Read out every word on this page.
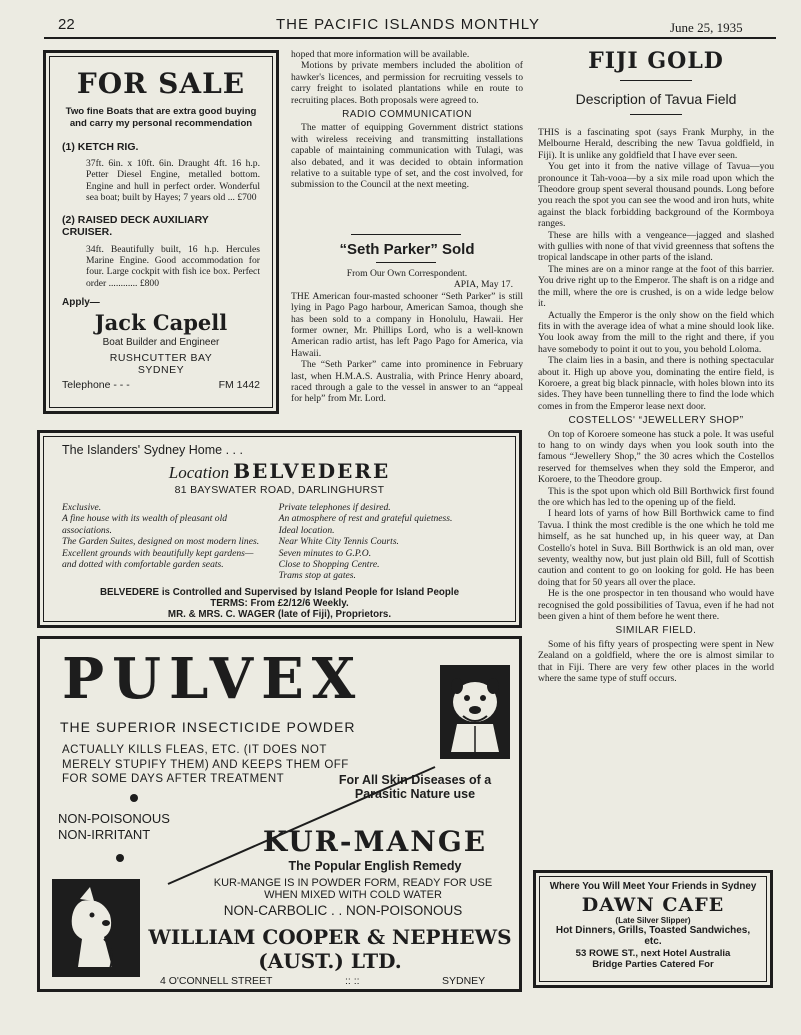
22	THE PACIFIC ISLANDS MONTHLY	June 25, 1935
FOR SALE
Two fine Boats that are extra good buying and carry my personal recommendation
(1) KETCH RIG.
37ft. 6in. x 10ft. 6in. Draught 4ft. 16 h.p. Petter Diesel Engine, metalled bottom. Engine and hull in perfect order. Wonderful sea boat; built by Hayes; 7 years old ... £700
(2) RAISED DECK AUXILIARY CRUISER.
34ft. Beautifully built, 16 h.p. Hercules Marine Engine. Good accommodation for four. Large cockpit with fish ice box. Perfect order ............ £800
Apply—
Jack Capell
Boat Builder and Engineer
RUSHCUTTER BAY
SYDNEY
Telephone - - -	FM 1442

hoped that more information will be available.

Motions by private members included the abolition of hawker's licences, and permission for recruiting vessels to carry freight to isolated plantations while en route to recruiting places. Both proposals were agreed to.

RADIO COMMUNICATION

The matter of equipping Government district stations with wireless receiving and transmitting installations capable of maintaining communication with Tulagi, was also debated, and it was decided to obtain information relative to a suitable type of set, and the cost involved, for submission to the Council at the next meeting.

“Seth Parker” Sold
From Our Own Correspondent.
APIA, May 17.

THE American four-masted schooner “Seth Parker” is still lying in Pago Pago harbour, American Samoa, though she has been sold to a company in Honolulu, Hawaii. Her former owner, Mr. Phillips Lord, who is a well-known American radio artist, has left Pago Pago for America, via Hawaii.

The “Seth Parker” came into prominence in February last, when H.M.A.S. Australia, with Prince Henry aboard, raced through a gale to the vessel in answer to an “appeal for help” from Mr. Lord.

FIJI GOLD
Description of Tavua Field

THIS is a fascinating spot (says Frank Murphy, in the Melbourne Herald, describing the new Tavua goldfield, in Fiji). It is unlike any goldfield that I have ever seen.

You get into it from the native village of Tavua—you pronounce it Tah-vooa—by a six mile road upon which the Theodore group spent several thousand pounds. Long before you reach the spot you can see the wood and iron huts, white against the black forbidding background of the Kormboya ranges.

These are hills with a vengeance—jagged and slashed with gullies with none of that vivid greenness that softens the tropical landscape in other parts of the island.

The mines are on a minor range at the foot of this barrier. You drive right up to the Emperor. The shaft is on a ridge and the mill, where the ore is crushed, is on a wide ledge below it.

Actually the Emperor is the only show on the field which fits in with the average idea of what a mine should look like. You look away from the mill to the right and there, if you have somebody to point it out to you, you behold Loloma.

The claim lies in a basin, and there is nothing spectacular about it. High up above you, dominating the entire field, is Koroere, a great big black pinnacle, with holes blown into its sides. They have been tunnelling there to find the lode which comes in from the Emperor lease next door.

COSTELLOS' “JEWELLERY SHOP”

On top of Koroere someone has stuck a pole. It was useful to hang to on windy days when you look south into the famous “Jewellery Shop,” the 30 acres which the Costellos reserved for themselves when they sold the Emperor, and Koroere, to the Theodore group.

This is the spot upon which old Bill Borthwick first found the ore which has led to the opening up of the field.

I heard lots of yarns of how Bill Borthwick came to find Tavua. I think the most credible is the one which he told me himself, as he sat hunched up, in his queer way, at Dan Costello's hotel in Suva. Bill Borthwick is an old man, over seventy, wealthy now, but just plain old Bill, full of Scottish caution and content to go on looking for gold. He has been doing that for 50 years all over the place.

He is the one prospector in ten thousand who would have recognised the gold possibilities of Tavua, even if he had not been given a hint of them before he went there.

SIMILAR FIELD.

Some of his fifty years of prospecting were spent in New Zealand on a goldfield, where the ore is almost similar to that in Fiji. There are very few other places in the world where the same type of stuff occurs.

The Islanders' Sydney Home . . .
Location BELVEDERE
81 BAYSWATER ROAD, DARLINGHURST
Exclusive.
A fine house with its wealth of pleasant old associations.
The Garden Suites, designed on most modern lines.
Excellent grounds with beautifully kept gardens—and dotted with comfortable garden seats.
Private telephones if desired.
An atmosphere of rest and grateful quietness.
Ideal location.
Near White City Tennis Courts.
Seven minutes to G.P.O.
Close to Shopping Centre.
Trams stop at gates.
BELVEDERE is Controlled and Supervised by Island People for Island People
TERMS: From £2/12/6 Weekly.
MR. & MRS. C. WAGER (late of Fiji), Proprietors.
PULVEX
THE SUPERIOR INSECTICIDE POWDER
ACTUALLY KILLS FLEAS, ETC. (IT DOES NOT MERELY STUPIFY THEM) AND KEEPS THEM OFF FOR SOME DAYS AFTER TREATMENT
NON-POISONOUS
NON-IRRITANT
For All Skin Diseases of a Parasitic Nature use
KUR-MANGE
The Popular English Remedy
KUR-MANGE IS IN POWDER FORM, READY FOR USE WHEN MIXED WITH COLD WATER
NON-CARBOLIC . . NON-POISONOUS
WILLIAM COOPER & NEPHEWS
(AUST.) LTD.
4 O'CONNELL STREET	:: ::	SYDNEY
Where You Will Meet Your Friends in Sydney
DAWN CAFE
(Late Silver Slipper)
Hot Dinners, Grills, Toasted Sandwiches, etc.
53 ROWE ST., next Hotel Australia
Bridge Parties Catered For
